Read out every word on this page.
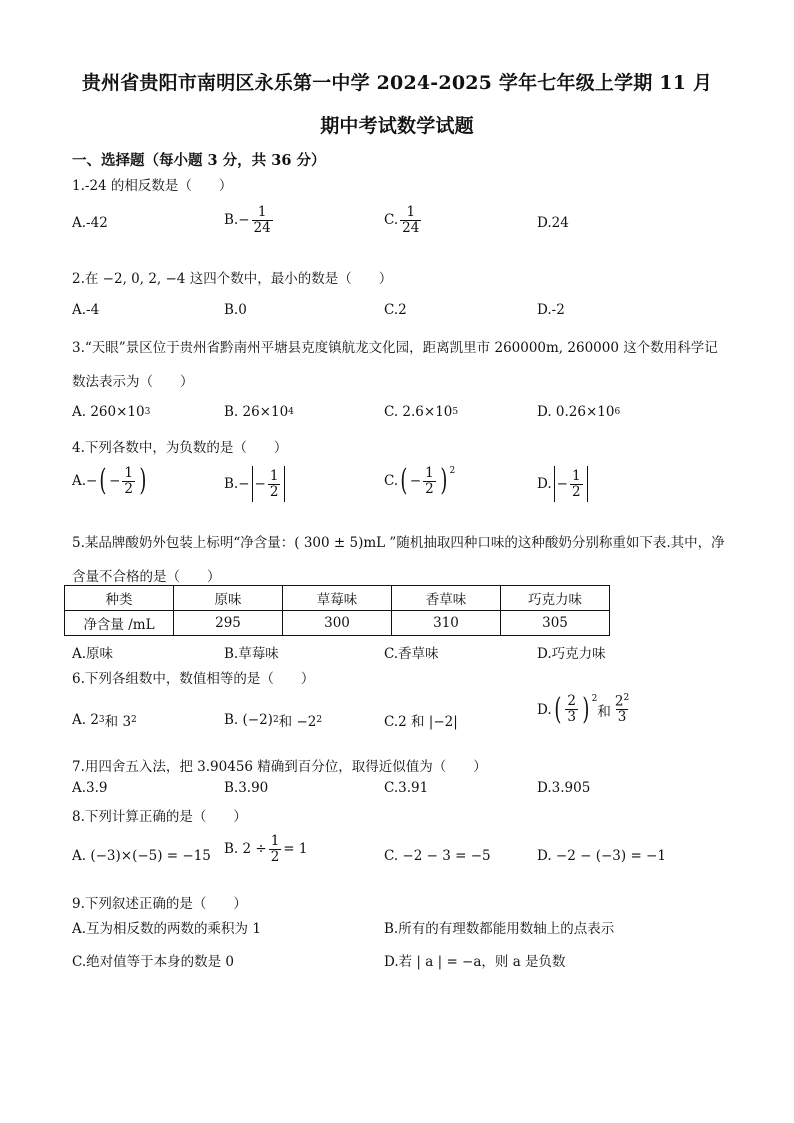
贵州省贵阳市南明区永乐第一中学 2024-2025 学年七年级上学期 11 月
期中考试数学试题
一、选择题（每小题 3 分，共 36 分）
1.-24 的相反数是（　　）
A.-42	$B.- \frac{1}{24}$	C. $\frac{1}{24}$	D.24
2.在 −2, 0, 2, −4 这四个数中，最小的数是（　　）
A.-4	B.0	C.2	D.-2
3.“天眼”景区位于贵州省黔南州平塘县克度镇航龙文化园，距离凯里市 260000m, 260000 这个数用科学记
数法表示为（　　）
A. 260×10 3	B. 26×10 4	C. 2.6×10 5	D. 0.26×10 6
4.下列各数中，为负数的是（　　）
A.− ( − $\frac{1}{2}$ )	$B.- - \frac{1}{2}$	C. ( − $\frac{1}{2}$ ) $^2$
D. − $\frac{1}{2}$
5.某品牌酸奶外包装上标明“净含量：( 300 ± 5)mL ”随机抽取四种口味的这种酸奶分别称重如下表.其中，净
含量不合格的是（　　）
种类	原味	草莓味	香草味	巧克力味
净含量 /mL	295	300	310	305
A.原味	B.草莓味	C.香草味	D.巧克力味
6.下列各组数中，数值相等的是（　　）
A. 2 3 和 3 2	B. (−2) 2 和 −2 2	C.2 和 |−2|
D. ( $\frac{2}{3}$ ) $^2$
和 $\frac{2^2}{3}$
7.用四舍五入法，把 3.90456 精确到百分位，取得近似值为（　　）
A.3.9	B.3.90	C.3.91	D.3.905
8.下列计算正确的是（　　）
A. (−3)×(−5) = −15 B. $2 \div \frac{1}{2} = 1$	C. −2 − 3 = −5	D. −2 − (−3) = −1
9.下列叙述正确的是（　　）
A.互为相反数的两数的乘积为 1	B.所有的有理数都能用数轴上的点表示
C.绝对值等于本身的数是 0	D.若 | a | = −a，则 a 是负数
